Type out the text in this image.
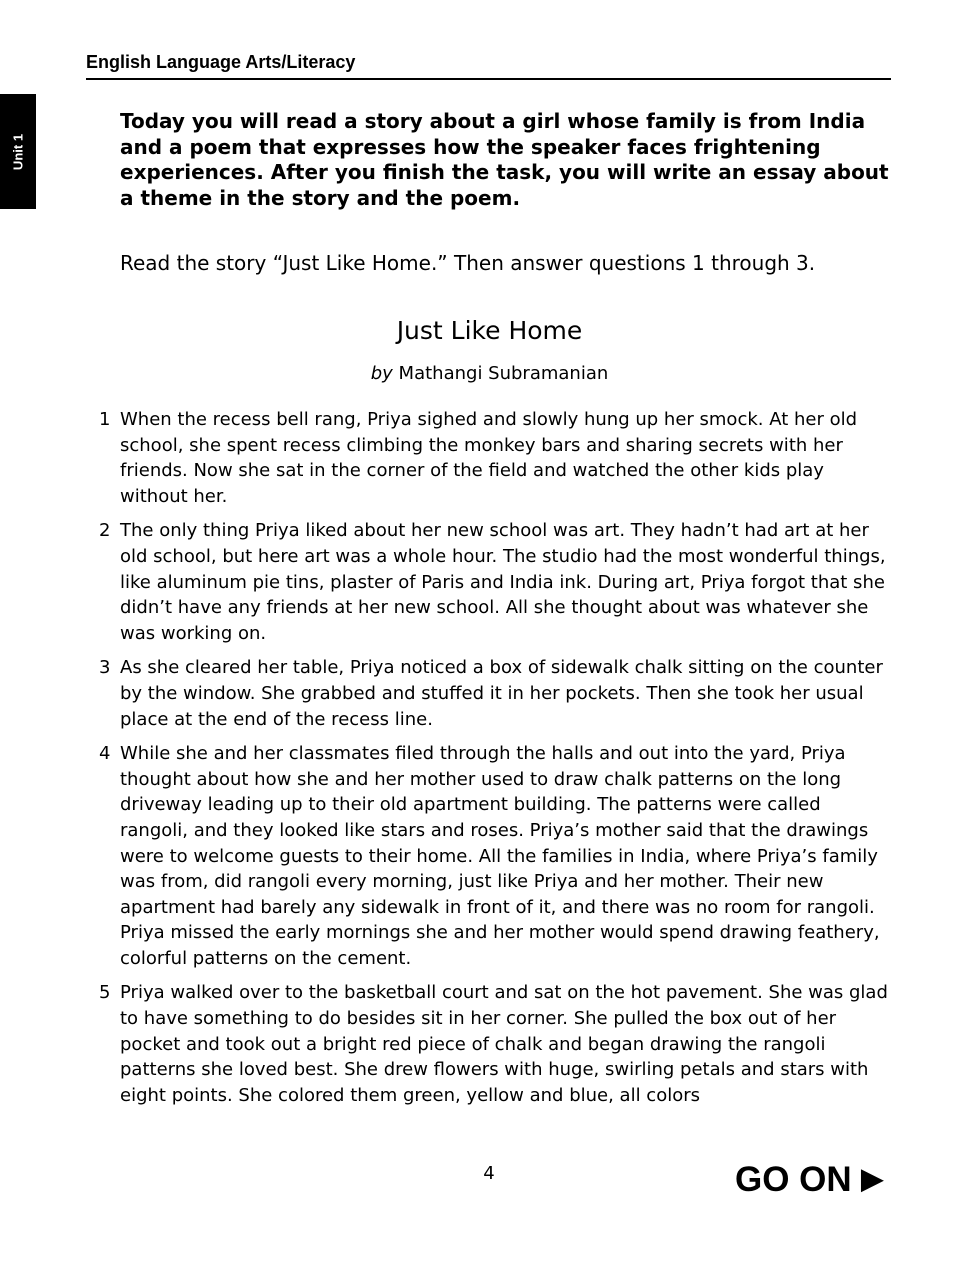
English Language Arts/Literacy
Unit 1
Today you will read a story about a girl whose family is from India and a poem that expresses how the speaker faces frightening experiences. After you finish the task, you will write an essay about a theme in the story and the poem.
Read the story “Just Like Home.” Then answer questions 1 through 3.
Just Like Home
by Mathangi Subramanian
1 When the recess bell rang, Priya sighed and slowly hung up her smock. At her old school, she spent recess climbing the monkey bars and sharing secrets with her friends. Now she sat in the corner of the field and watched the other kids play without her.
2 The only thing Priya liked about her new school was art. They hadn’t had art at her old school, but here art was a whole hour. The studio had the most wonderful things, like aluminum pie tins, plaster of Paris and India ink. During art, Priya forgot that she didn’t have any friends at her new school. All she thought about was whatever she was working on.
3 As she cleared her table, Priya noticed a box of sidewalk chalk sitting on the counter by the window. She grabbed and stuffed it in her pockets. Then she took her usual place at the end of the recess line.
4 While she and her classmates filed through the halls and out into the yard, Priya thought about how she and her mother used to draw chalk patterns on the long driveway leading up to their old apartment building. The patterns were called rangoli, and they looked like stars and roses. Priya’s mother said that the drawings were to welcome guests to their home. All the families in India, where Priya’s family was from, did rangoli every morning, just like Priya and her mother. Their new apartment had barely any sidewalk in front of it, and there was no room for rangoli. Priya missed the early mornings she and her mother would spend drawing feathery, colorful patterns on the cement.
5 Priya walked over to the basketball court and sat on the hot pavement. She was glad to have something to do besides sit in her corner. She pulled the box out of her pocket and took out a bright red piece of chalk and began drawing the rangoli patterns she loved best. She drew flowers with huge, swirling petals and stars with eight points. She colored them green, yellow and blue, all colors
4	GO ON ▶
